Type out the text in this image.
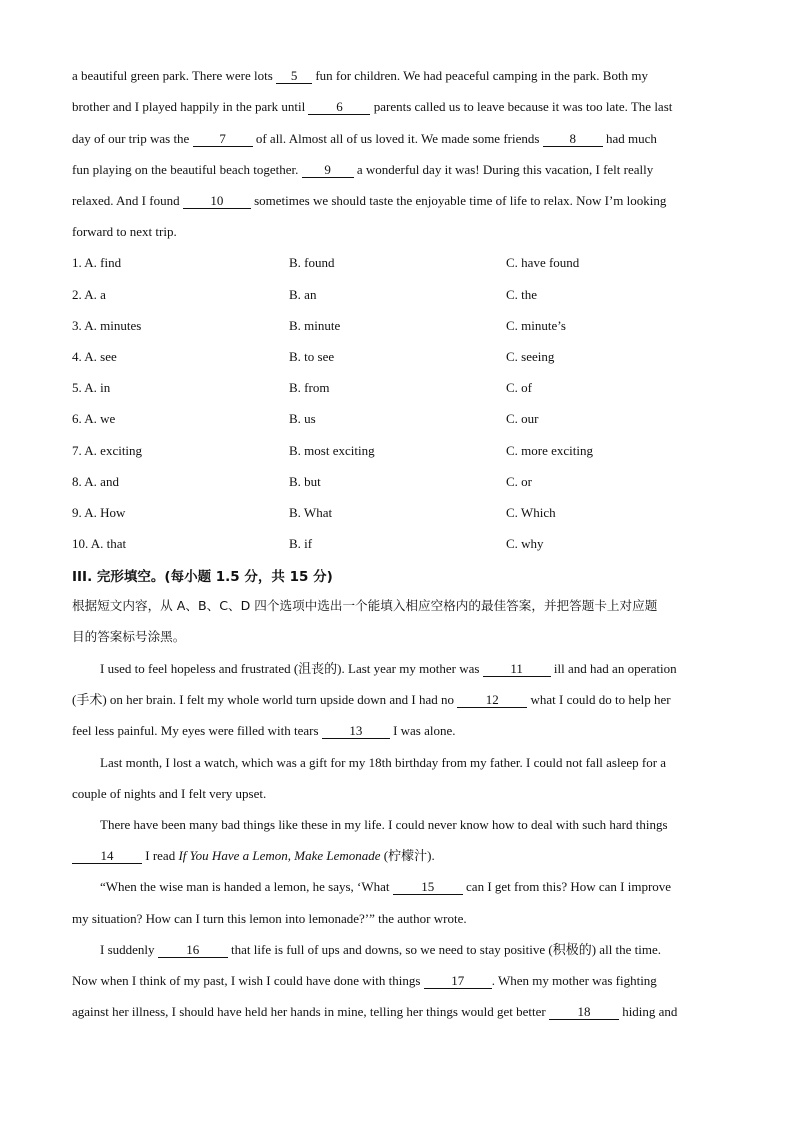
a beautiful green park. There were lots 5 fun for children. We had peaceful camping in the park. Both my
brother and I played happily in the park until 6 parents called us to leave because it was too late. The last
day of our trip was the 7 of all. Almost all of us loved it. We made some friends 8 had much
fun playing on the beautiful beach together. 9 a wonderful day it was! During this vacation, I felt really
relaxed. And I found 10 sometimes we should taste the enjoyable time of life to relax. Now I’m looking
forward to next trip.
1. A. find	B. found	C. have found
2. A. a	B. an	C. the
3. A. minutes	B. minute	C. minute’s
4. A. see	B. to see	C. seeing
5. A. in	B. from	C. of
6. A. we	B. us	C. our
7. A. exciting	B. most exciting	C. more exciting
8. A. and	B. but	C. or
9. A. How	B. What	C. Which
10. A. that	B. if	C. why
III. 完形填空。(每小题 1.5 分，共 15 分)
根据短文内容，从 A、B、C、D 四个选项中选出一个能填入相应空格内的最佳答案，并把答题卡上对应题
目的答案标号涂黑。
I used to feel hopeless and frustrated (沮丧的). Last year my mother was 11 ill and had an operation
(手术) on her brain. I felt my whole world turn upside down and I had no 12 what I could do to help her
feel less painful. My eyes were filled with tears 13 I was alone.
Last month, I lost a watch, which was a gift for my 18th birthday from my father. I could not fall asleep for a
couple of nights and I felt very upset.
There have been many bad things like these in my life. I could never know how to deal with such hard things
14 I read If You Have a Lemon, Make Lemonade (柠檬汁).
“When the wise man is handed a lemon, he says, ‘What 15 can I get from this? How can I improve
my situation? How can I turn this lemon into lemonade?’” the author wrote.
I suddenly 16 that life is full of ups and downs, so we need to stay positive (积极的) all the time.
Now when I think of my past, I wish I could have done with things 17 . When my mother was fighting
against her illness, I should have held her hands in mine, telling her things would get better 18 hiding and
